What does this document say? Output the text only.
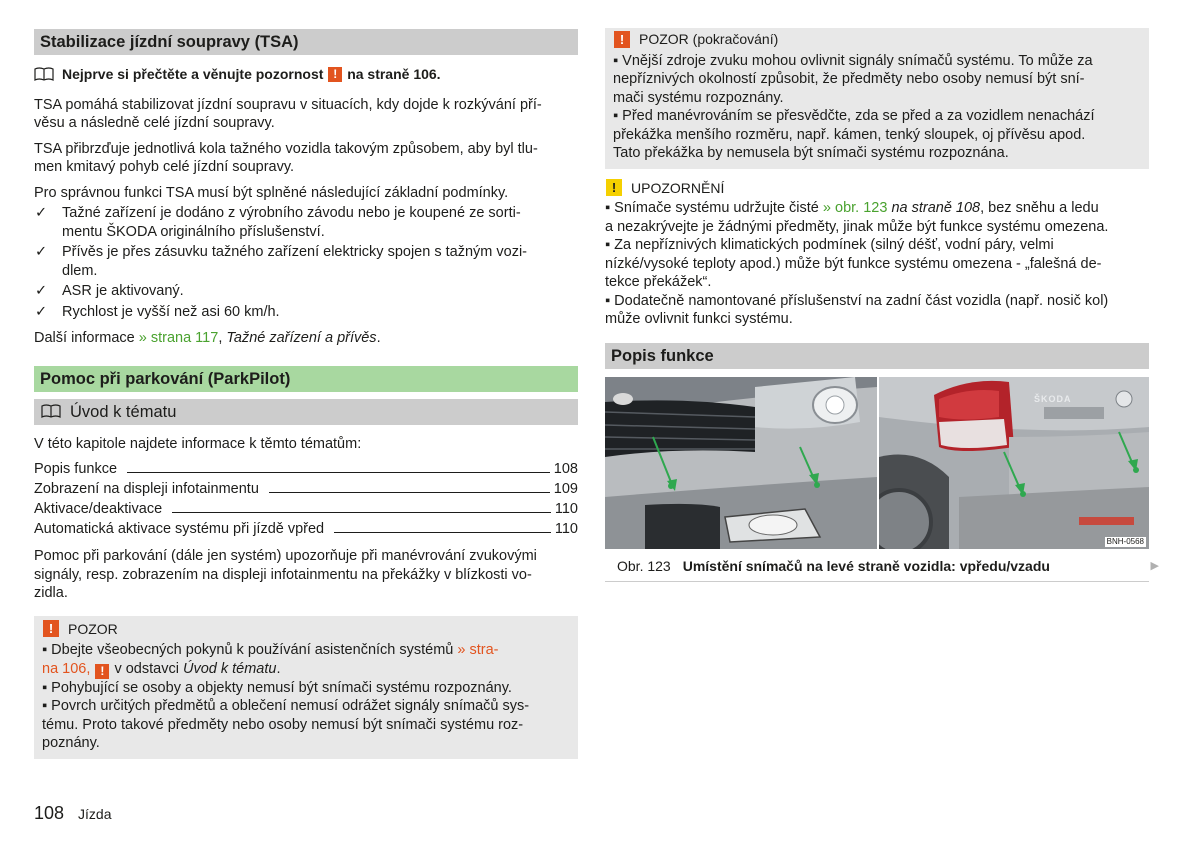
Stabilizace jízdní soupravy (TSA)
Nejprve si přečtěte a věnujte pozornost
!
na straně 106.

TSA pomáhá stabilizovat jízdní soupravu v situacích, kdy dojde k rozkývání pří-
věsu a následně celé jízdní soupravy.

TSA přibrzďuje jednotlivá kola tažného vozidla takovým způsobem, aby byl tlu-
men kmitavý pohyb celé jízdní soupravy.

Pro správnou funkci TSA musí být splněné následující základní podmínky.

✓	Tažné zařízení je dodáno z výrobního závodu nebo je koupené ze sorti-
mentu ŠKODA originálního příslušenství.
✓	Přívěs je přes zásuvku tažného zařízení elektricky spojen s tažným vozi-
dlem.
✓	ASR je aktivovaný.
✓	Rychlost je vyšší než asi 60 km/h.

Další informace » strana 117, Tažné zařízení a přívěs.

Pomoc při parkování (ParkPilot)
Úvod k tématu

V této kapitole najdete informace k těmto tématům:

Popis funkce	108
Zobrazení na displeji infotainmentu	109
Aktivace/deaktivace	110
Automatická aktivace systému při jízdě vpřed	110

Pomoc při parkování (dále jen systém) upozorňuje při manévrování zvukovými
signály, resp. zobrazením na displeji infotainmentu na překážky v blízkosti vo-
zidla.

!	POZOR
▪ Dbejte všeobecných pokynů k používání asistenčních systémů » stra-
na 106, ! v odstavci Úvod k tématu.
▪ Pohybující se osoby a objekty nemusí být snímači systému rozpoznány.
▪ Povrch určitých předmětů a oblečení nemusí odrážet signály snímačů sys-
tému. Proto takové předměty nebo osoby nemusí být snímači systému roz-
poznány.
!	POZOR (pokračování)
▪ Vnější zdroje zvuku mohou ovlivnit signály snímačů systému. To může za
nepříznivých okolností způsobit, že předměty nebo osoby nemusí být sní-
mači systému rozpoznány.
▪ Před manévrováním se přesvědčte, zda se před a za vozidlem nenachází
překážka menšího rozměru, např. kámen, tenký sloupek, oj přívěsu apod.
Tato překážka by nemusela být snímači systému rozpoznána.
!	UPOZORNĚNÍ
▪ Snímače systému udržujte čisté » obr. 123 na straně 108, bez sněhu a ledu
a nezakrývejte je žádnými předměty, jinak může být funkce systému omezena.
▪ Za nepříznivých klimatických podmínek (silný déšť, vodní páry, velmi
nízké/vysoké teploty apod.) může být funkce systému omezena - „falešná de-
tekce překážek“.
▪ Dodatečně namontované příslušenství na zadní část vozidla (např. nosič kol)
může ovlivnit funkci systému.
Popis funkce
ŠKODA
BNH-0568
Obr. 123 Umístění snímačů na levé straně vozidla: vpředu/vzadu	▶
108 Jízda
